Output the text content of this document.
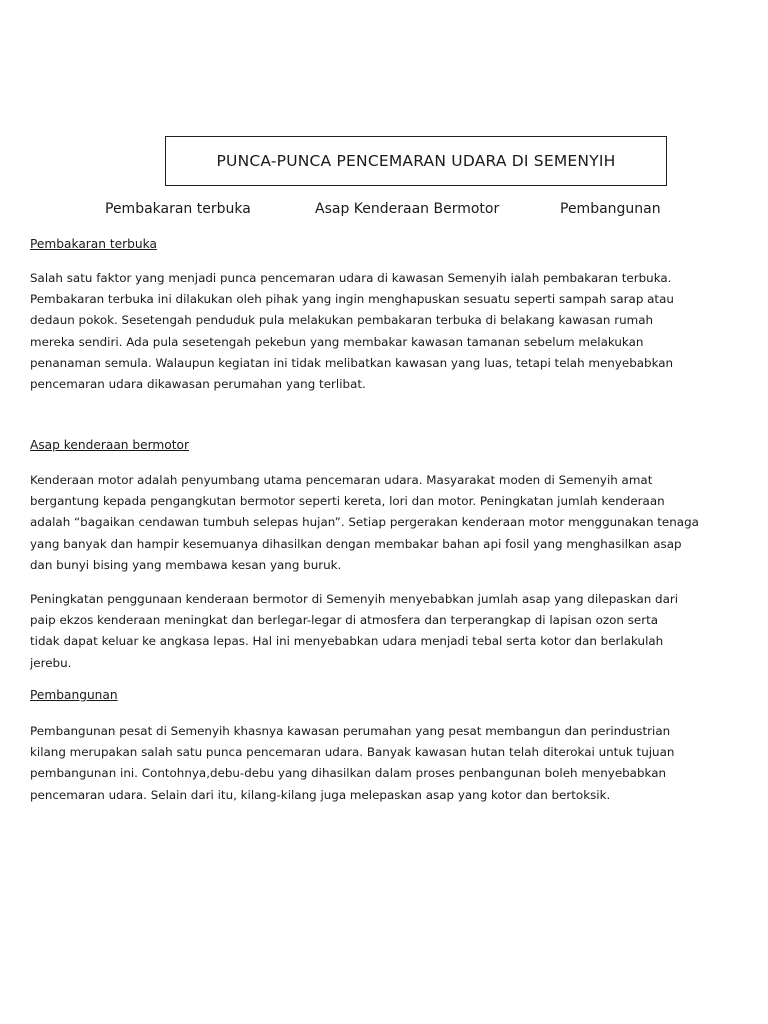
PUNCA-PUNCA PENCEMARAN UDARA DI SEMENYIH
Pembakaran terbuka	Asap Kenderaan Bermotor	Pembangunan
Pembakaran terbuka

Salah satu faktor yang menjadi punca pencemaran udara di kawasan Semenyih ialah pembakaran terbuka.
Pembakaran terbuka ini dilakukan oleh pihak yang ingin menghapuskan sesuatu seperti sampah sarap atau
dedaun pokok. Sesetengah penduduk pula melakukan pembakaran terbuka di belakang kawasan rumah
mereka sendiri. Ada pula sesetengah pekebun yang membakar kawasan tamanan sebelum melakukan
penanaman semula. Walaupun kegiatan ini tidak melibatkan kawasan yang luas, tetapi telah menyebabkan
pencemaran udara dikawasan perumahan yang terlibat.

Asap kenderaan bermotor

Kenderaan motor adalah penyumbang utama pencemaran udara. Masyarakat moden di Semenyih amat
bergantung kepada pengangkutan bermotor seperti kereta, lori dan motor. Peningkatan jumlah kenderaan
adalah “bagaikan cendawan tumbuh selepas hujan”. Setiap pergerakan kenderaan motor menggunakan tenaga
yang banyak dan hampir kesemuanya dihasilkan dengan membakar bahan api fosil yang menghasilkan asap
dan bunyi bising yang membawa kesan yang buruk.

Peningkatan penggunaan kenderaan bermotor di Semenyih menyebabkan jumlah asap yang dilepaskan dari
paip ekzos kenderaan meningkat dan berlegar-legar di atmosfera dan terperangkap di lapisan ozon serta
tidak dapat keluar ke angkasa lepas. Hal ini menyebabkan udara menjadi tebal serta kotor dan berlakulah
jerebu.

Pembangunan

Pembangunan pesat di Semenyih khasnya kawasan perumahan yang pesat membangun dan perindustrian
kilang merupakan salah satu punca pencemaran udara. Banyak kawasan hutan telah diterokai untuk tujuan
pembangunan ini. Contohnya,debu-debu yang dihasilkan dalam proses penbangunan boleh menyebabkan
pencemaran udara. Selain dari itu, kilang-kilang juga melepaskan asap yang kotor dan bertoksik.
